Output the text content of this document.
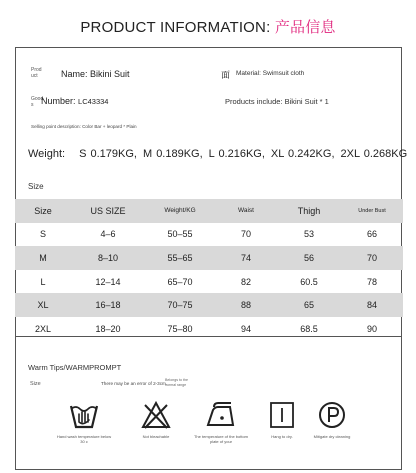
PRODUCT INFORMATION: 产品信息
Prod uct	Name: Bikini Suit	面 Material: Swimsuit cloth
Good s Number: LC43334	Products include: Bikini Suit * 1
Selling point description: Color Bar + leopard * Plain
Weight: S 0.179KG, M 0.189KG, L 0.216KG, XL 0.242KG, 2XL 0.268KG
Size
Size	US SIZE	Weight/KG	Waist	Thigh	Under Bust
S	4–6	50–55	70	53	66
M	8–10	55–65	74	56	70
L	12–14	65–70	82	60.5	78
XL	16–18	70–75	88	65	84
2XL	18–20	75–80	94	68.5	90
Warm Tips/WARMPROMPT
Size	There may be an error of 2-3cm.
Belongs to the normal range
Hand wash temperature below 30 c
Not bleachable	The temperature of the bottom plate of your
Hang to dry.	Mitigate dry cleaning
